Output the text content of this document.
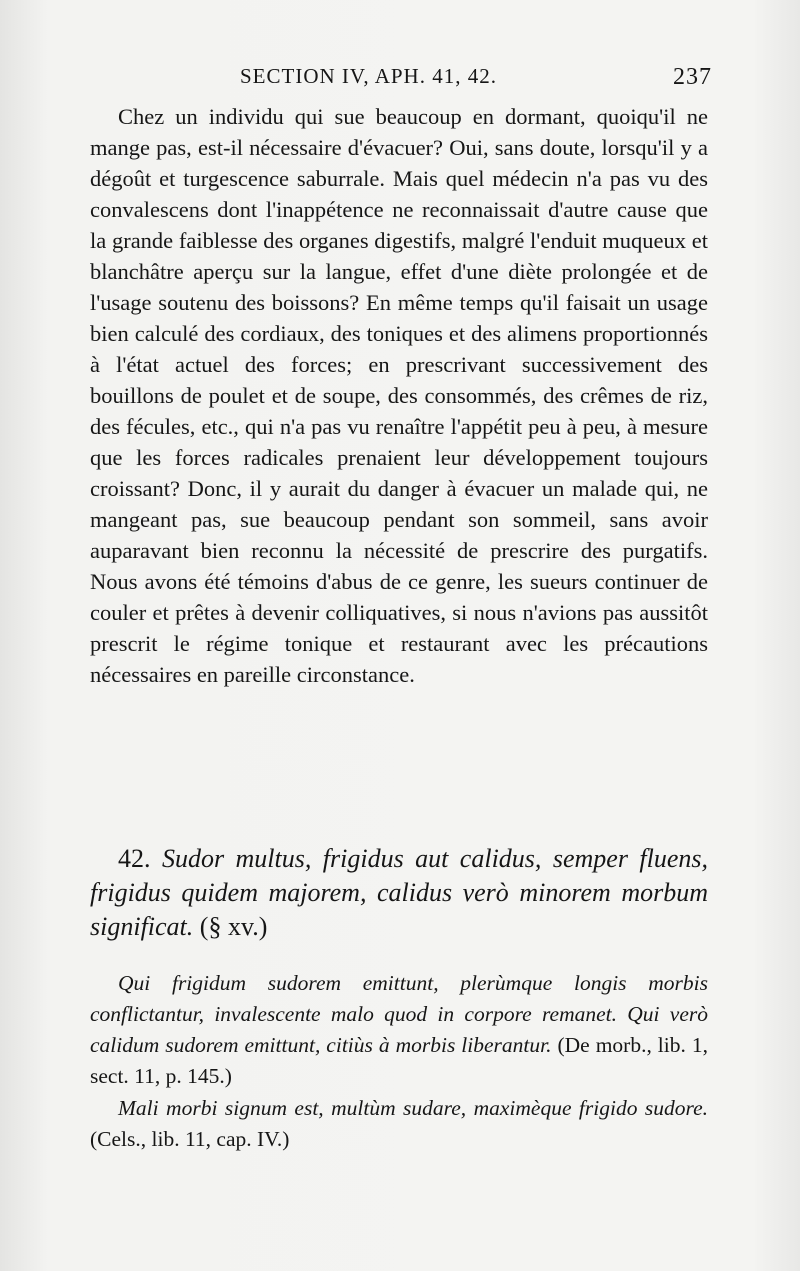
SECTION IV, APH. 41, 42.	237

Chez un individu qui sue beaucoup en dormant, quoiqu'il ne mange pas, est-il nécessaire d'évacuer? Oui, sans doute, lorsqu'il y a dégoût et turgescence saburrale. Mais quel médecin n'a pas vu des convalescens dont l'inappétence ne reconnaissait d'autre cause que la grande faiblesse des organes digestifs, malgré l'enduit muqueux et blanchâtre aperçu sur la langue, effet d'une diète prolongée et de l'usage soutenu des boissons? En même temps qu'il faisait un usage bien calculé des cordiaux, des toniques et des alimens proportionnés à l'état actuel des forces; en prescrivant successivement des bouillons de poulet et de soupe, des consommés, des crêmes de riz, des fécules, etc., qui n'a pas vu renaître l'appétit peu à peu, à mesure que les forces radicales prenaient leur développement toujours croissant? Donc, il y aurait du danger à évacuer un malade qui, ne mangeant pas, sue beaucoup pendant son sommeil, sans avoir auparavant bien reconnu la nécessité de prescrire des purgatifs. Nous avons été témoins d'abus de ce genre, les sueurs continuer de couler et prêtes à devenir colliquatives, si nous n'avions pas aussitôt prescrit le régime tonique et restaurant avec les précautions nécessaires en pareille circonstance.

42. Sudor multus, frigidus aut calidus, semper fluens, frigidus quidem majorem, calidus verò minorem morbum significat. (§ xv.)

Qui frigidum sudorem emittunt, plerùmque longis morbis conflictantur, invalescente malo quod in corpore remanet. Qui verò calidum sudorem emittunt, citiùs à morbis liberantur. (De morb., lib. 1, sect. 11, p. 145.)

Mali morbi signum est, multùm sudare, maximèque frigido sudore. (Cels., lib. 11, cap. IV.)
